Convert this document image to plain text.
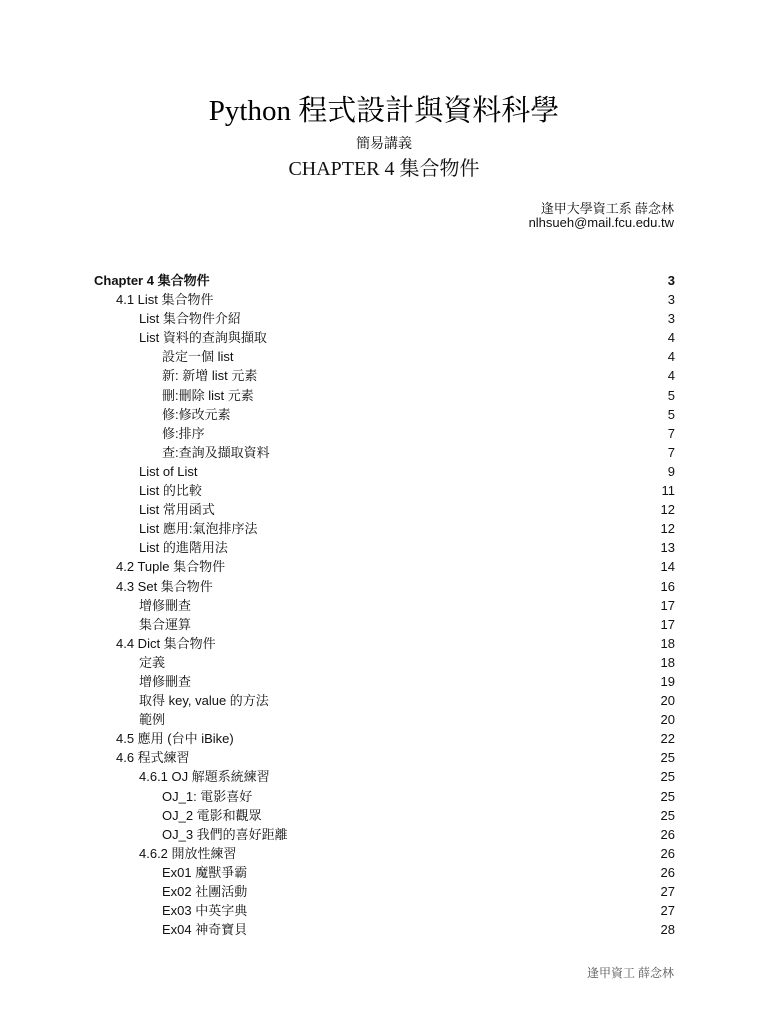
Python 程式設計與資料科學
簡易講義
CHAPTER 4 集合物件
逢甲大學資工系 薛念林
nlhsueh@mail.fcu.edu.tw
Chapter 4 集合物件	3
4.1 List 集合物件	3
List 集合物件介紹	3
List 資料的查詢與擷取	4
設定一個 list	4
新: 新增 list 元素	4
刪:刪除 list 元素	5
修:修改元素	5
修:排序	7
查:查詢及擷取資料	7
List of List	9
List 的比較	11
List 常用函式	12
List 應用:氣泡排序法	12
List 的進階用法	13
4.2 Tuple 集合物件	14
4.3 Set 集合物件	16
增修刪查	17
集合運算	17
4.4 Dict 集合物件	18
定義	18
增修刪查	19
取得 key, value 的方法	20
範例	20
4.5 應用 (台中 iBike)	22
4.6 程式練習	25
4.6.1 OJ 解題系統練習	25
OJ_1: 電影喜好	25
OJ_2 電影和觀眾	25
OJ_3 我們的喜好距離	26
4.6.2 開放性練習	26
Ex01 魔獸爭霸	26
Ex02 社團活動	27
Ex03 中英字典	27
Ex04 神奇寶貝	28
逢甲資工 薛念林
